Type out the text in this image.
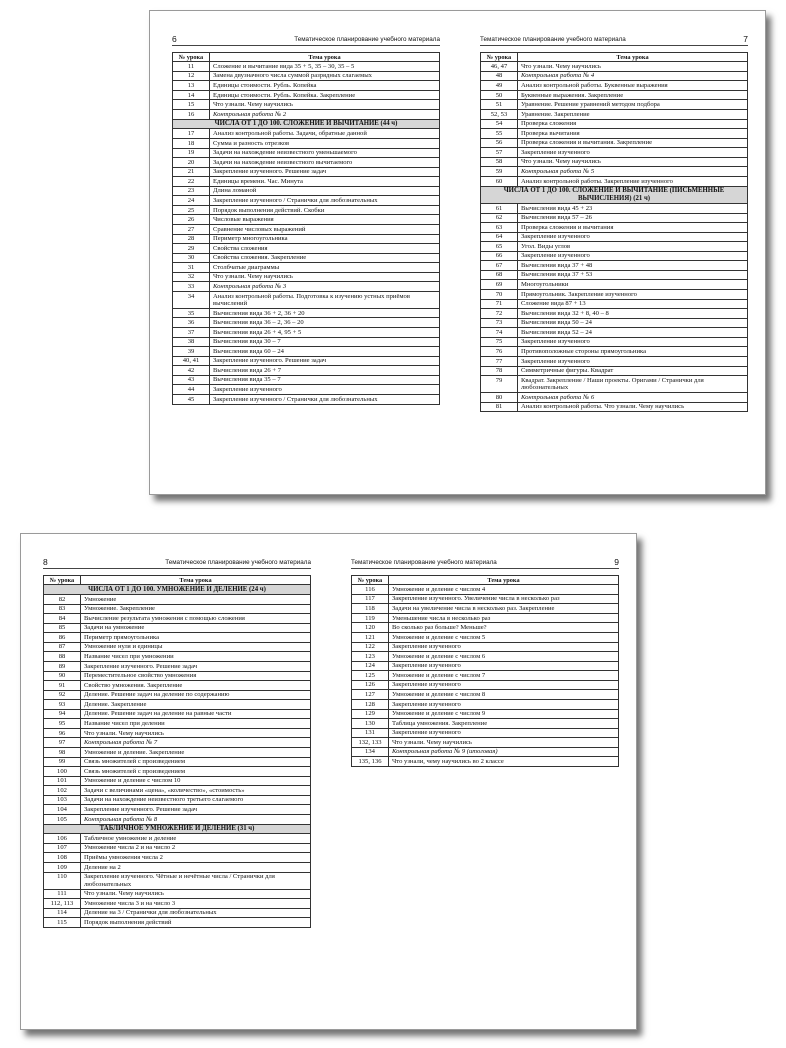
6	Тематическое планирование учебного материала
№ урока	Тема урока
11	Сложение и вычитание вида 35 + 5, 35 – 30, 35 – 5
12	Замена двузначного числа суммой разрядных слагаемых
13	Единицы стоимости. Рубль. Копейка
14	Единицы стоимости. Рубль. Копейка. Закрепление
15	Что узнали. Чему научились
16	Контрольная работа № 2
ЧИСЛА ОТ 1 ДО 100. СЛОЖЕНИЕ И ВЫЧИТАНИЕ (44 ч)	
17	Анализ контрольной работы. Задачи, обратные данной
18	Сумма и разность отрезков
19	Задачи на нахождение неизвестного уменьшаемого
20	Задачи на нахождение неизвестного вычитаемого
21	Закрепление изученного. Решение задач
22	Единицы времени. Час. Минута
23	Длина ломаной
24	Закрепление изученного / Странички для любознательных
25	Порядок выполнения действий. Скобки
26	Числовые выражения
27	Сравнение числовых выражений
28	Периметр многоугольника
29	Свойства сложения
30	Свойства сложения. Закрепление
31	Столбчатые диаграммы
32	Что узнали. Чему научились
33	Контрольная работа № 3
34	Анализ контрольной работы. Подготовка к изучению устных приёмов вычислений
35	Вычисления вида 36 + 2, 36 + 20
36	Вычисления вида 36 – 2, 36 – 20
37	Вычисления вида 26 + 4, 95 + 5
38	Вычисления вида 30 – 7
39	Вычисления вида 60 – 24
40, 41	Закрепление изученного. Решение задач
42	Вычисления вида 26 + 7
43	Вычисления вида 35 – 7
44	Закрепление изученного
45	Закрепление изученного / Странички для любознательных
7
Тематическое планирование учебного материала
№ урока	Тема урока
46, 47	Что узнали. Чему научились
48	Контрольная работа № 4
49	Анализ контрольной работы. Буквенные выражения
50	Буквенные выражения. Закрепление
51	Уравнение. Решение уравнений методом подбора
52, 53	Уравнение. Закрепление
54	Проверка сложения
55	Проверка вычитания
56	Проверка сложения и вычитания. Закрепление
57	Закрепление изученного
58	Что узнали. Чему научились
59	Контрольная работа № 5
60	Анализ контрольной работы. Закрепление изученного
ЧИСЛА ОТ 1 ДО 100. СЛОЖЕНИЕ И ВЫЧИТАНИЕ (ПИСЬМЕННЫЕ ВЫЧИСЛЕНИЯ) (21 ч)	
61	Вычисления вида 45 + 23
62	Вычисления вида 57 – 26
63	Проверка сложения и вычитания
64	Закрепление изученного
65	Угол. Виды углов
66	Закрепление изученного
67	Вычисления вида 37 + 48
68	Вычисления вида 37 + 53
69	Многоугольники
70	Прямоугольник. Закрепление изученного
71	Сложение вида 87 + 13
72	Вычисления вида 32 + 8, 40 – 8
73	Вычисления вида 50 – 24
74	Вычисления вида 52 – 24
75	Закрепление изученного
76	Противоположные стороны прямоугольника
77	Закрепление изученного
78	Симметричные фигуры. Квадрат
79	Квадрат. Закрепление / Наши проекты. Оригами / Странички для любознательных
80	Контрольная работа № 6
81	Анализ контрольной работы. Что узнали. Чему научились
8	Тематическое планирование учебного материала
№ урока	Тема урока
ЧИСЛА ОТ 1 ДО 100. УМНОЖЕНИЕ И ДЕЛЕНИЕ (24 ч)	
82	Умножение
83	Умножение. Закрепление
84	Вычисление результата умножения с помощью сложения
85	Задачи на умножение
86	Периметр прямоугольника
87	Умножение нуля и единицы
88	Название чисел при умножении
89	Закрепление изученного. Решение задач
90	Переместительное свойство умножения
91	Свойство умножения. Закрепление
92	Деление. Решение задач на деление по содержанию
93	Деление. Закрепление
94	Деление. Решение задач на деление на равные части
95	Название чисел при делении
96	Что узнали. Чему научились
97	Контрольная работа № 7
98	Умножение и деление. Закрепление
99	Связь множителей с произведением
100	Связь множителей с произведением
101	Умножение и деление с числом 10
102	Задачи с величинами «цена», «количество», «стоимость»
103	Задачи на нахождение неизвестного третьего слагаемого
104	Закрепление изученного. Решение задач
105	Контрольная работа № 8
ТАБЛИЧНОЕ УМНОЖЕНИЕ И ДЕЛЕНИЕ (31 ч)	
106	Табличное умножение и деление
107	Умножение числа 2 и на число 2
108	Приёмы умножения числа 2
109	Деление на 2
110	Закрепление изученного. Чётные и нечётные числа / Странички для любознательных
111	Что узнали. Чему научились
112, 113	Умножение числа 3 и на число 3
114	Деление на 3 / Странички для любознательных
115	Порядок выполнения действий
9
Тематическое планирование учебного материала
№ урока	Тема урока
116	Умножение и деление с числом 4
117	Закрепление изученного. Увеличение числа в несколько раз
118	Задачи на увеличение числа в несколько раз. Закрепление
119	Уменьшение числа в несколько раз
120	Во сколько раз больше? Меньше?
121	Умножение и деление с числом 5
122	Закрепление изученного
123	Умножение и деление с числом 6
124	Закрепление изученного
125	Умножение и деление с числом 7
126	Закрепление изученного
127	Умножение и деление с числом 8
128	Закрепление изученного
129	Умножение и деление с числом 9
130	Таблица умножения. Закрепление
131	Закрепление изученного
132, 133	Что узнали. Чему научились
134	Контрольная работа № 9 (итоговая)
135, 136	Что узнали, чему научились во 2 классе
